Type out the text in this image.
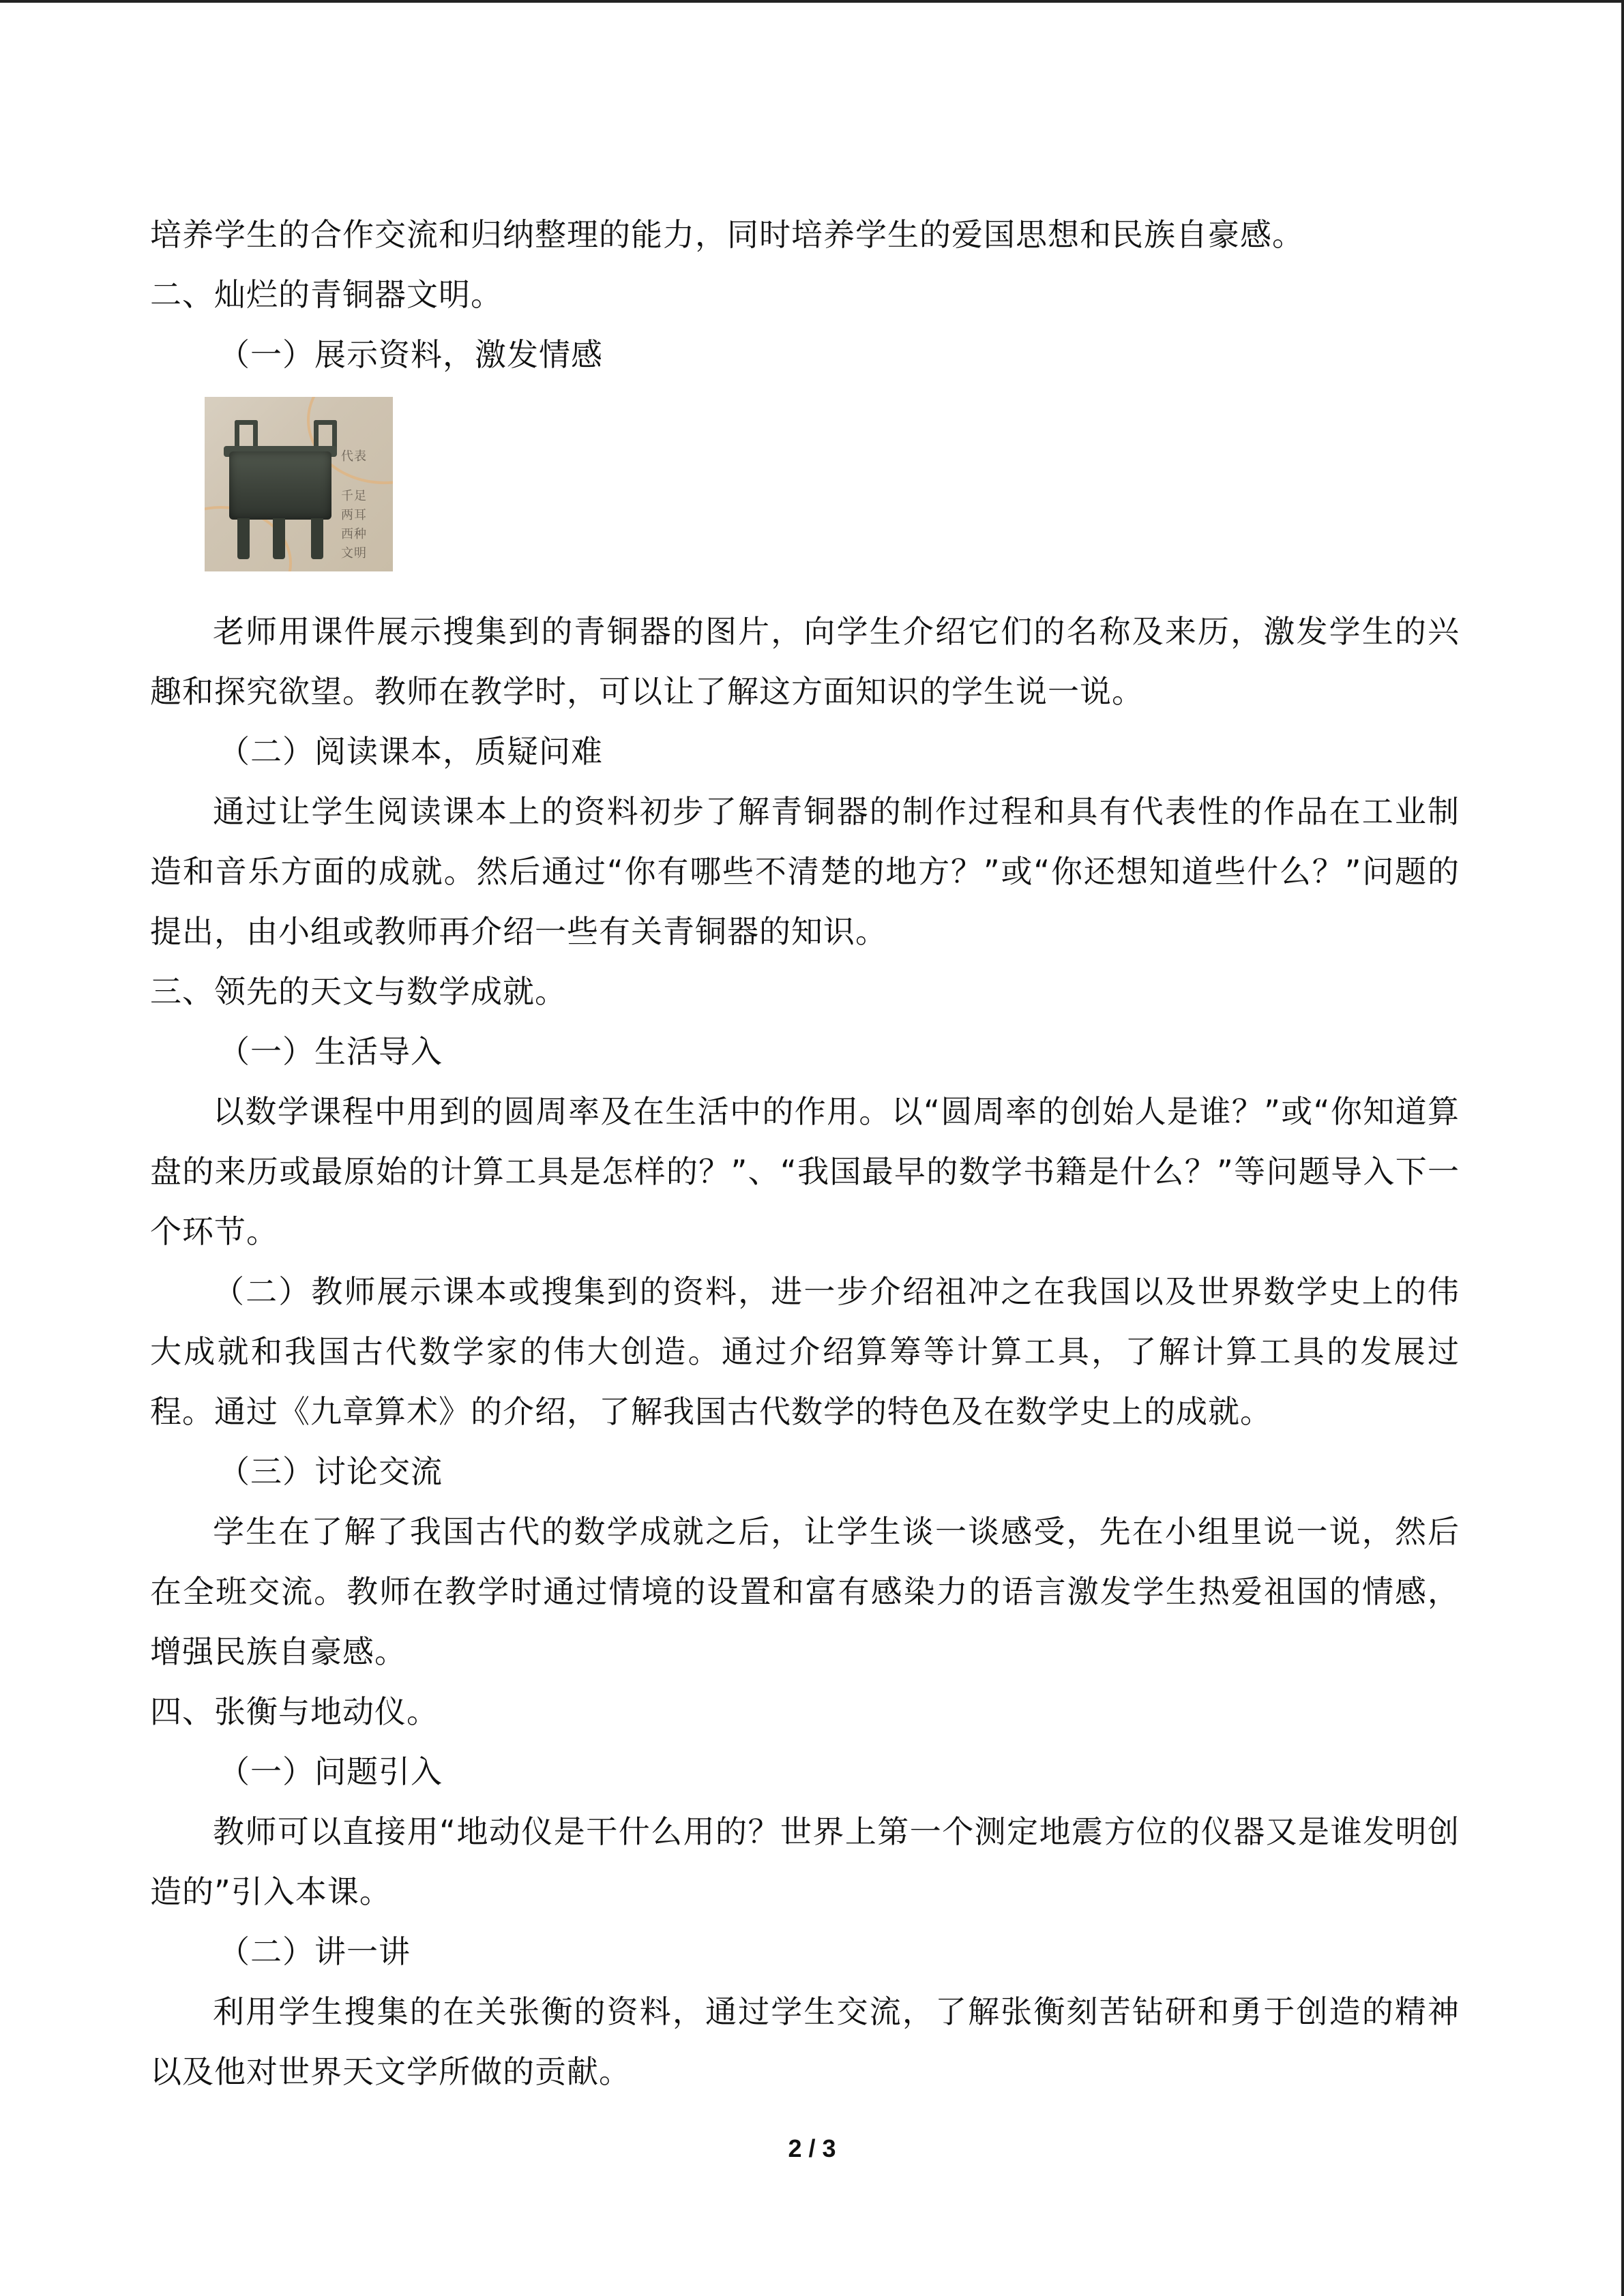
培养学生的合作交流和归纳整理的能力，同时培养学生的爱国思想和民族自豪感。

二、灿烂的青铜器文明。

（一）展示资料，激发情感

代表
千足
两耳
西种
文明

老师用课件展示搜集到的青铜器的图片，向学生介绍它们的名称及来历，激发学生的兴趣和探究欲望。教师在教学时，可以让了解这方面知识的学生说一说。

（二）阅读课本，质疑问难

通过让学生阅读课本上的资料初步了解青铜器的制作过程和具有代表性的作品在工业制造和音乐方面的成就。然后通过“你有哪些不清楚的地方？”或“你还想知道些什么？”问题的提出，由小组或教师再介绍一些有关青铜器的知识。

三、领先的天文与数学成就。

（一）生活导入

以数学课程中用到的圆周率及在生活中的作用。以“圆周率的创始人是谁？”或“你知道算盘的来历或最原始的计算工具是怎样的？”、“我国最早的数学书籍是什么？”等问题导入下一个环节。

（二）教师展示课本或搜集到的资料，进一步介绍祖冲之在我国以及世界数学史上的伟大成就和我国古代数学家的伟大创造。通过介绍算筹等计算工具，了解计算工具的发展过程。通过《九章算术》的介绍，了解我国古代数学的特色及在数学史上的成就。

（三）讨论交流

学生在了解了我国古代的数学成就之后，让学生谈一谈感受，先在小组里说一说，然后在全班交流。教师在教学时通过情境的设置和富有感染力的语言激发学生热爱祖国的情感，增强民族自豪感。

四、张衡与地动仪。

（一）问题引入

教师可以直接用“地动仪是干什么用的？世界上第一个测定地震方位的仪器又是谁发明创造的”引入本课。

（二）讲一讲

利用学生搜集的在关张衡的资料，通过学生交流，了解张衡刻苦钻研和勇于创造的精神以及他对世界天文学所做的贡献。

2 / 3
